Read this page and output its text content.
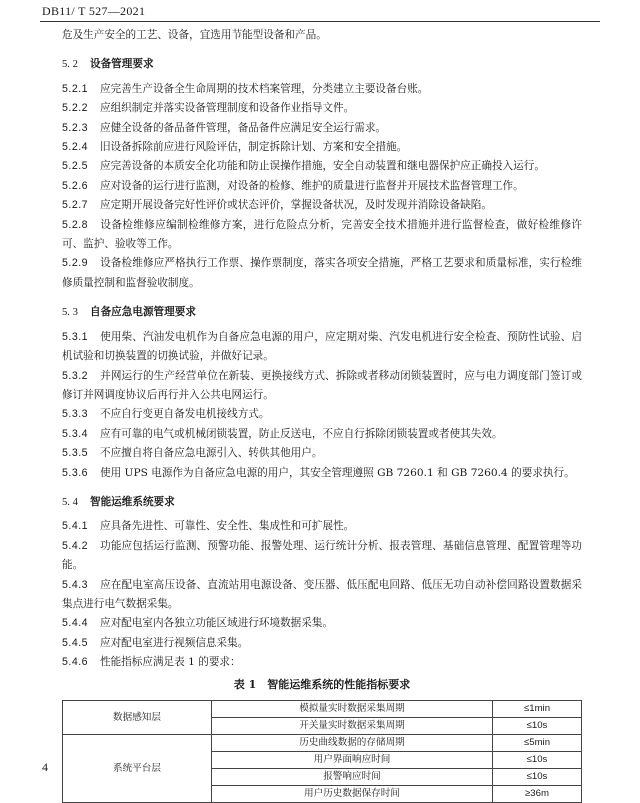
DB11/ T 527—2021

危及生产安全的工艺、设备，宜选用节能型设备和产品。

5. 2	设备管理要求

5.2.1 应完善生产设备全生命周期的技术档案管理，分类建立主要设备台账。

5.2.2 应组织制定并落实设备管理制度和设备作业指导文件。

5.2.3 应健全设备的备品备件管理，备品备件应满足安全运行需求。

5.2.4 旧设备拆除前应进行风险评估，制定拆除计划、方案和安全措施。

5.2.5 应完善设备的本质安全化功能和防止误操作措施，安全自动装置和继电器保护应正确投入运行。

5.2.6 应对设备的运行进行监测，对设备的检修、维护的质量进行监督并开展技术监督管理工作。

5.2.7 应定期开展设备完好性评价或状态评价，掌握设备状况，及时发现并消除设备缺陷。

5.2.8 设备检维修应编制检维修方案，进行危险点分析，完善安全技术措施并进行监督检查，做好检维修许可、监护、验收等工作。

5.2.9 设备检维修应严格执行工作票、操作票制度，落实各项安全措施，严格工艺要求和质量标准，实行检维修质量控制和监督验收制度。

5. 3	自备应急电源管理要求

5.3.1 使用柴、汽油发电机作为自备应急电源的用户，应定期对柴、汽发电机进行安全检查、预防性试验、启机试验和切换装置的切换试验，并做好记录。

5.3.2 并网运行的生产经营单位在新装、更换接线方式、拆除或者移动闭锁装置时，应与电力调度部门签订或修订并网调度协议后再行并入公共电网运行。

5.3.3 不应自行变更自备发电机接线方式。

5.3.4 应有可靠的电气或机械闭锁装置，防止反送电，不应自行拆除闭锁装置或者使其失效。

5.3.5 不应擅自将自备应急电源引入、转供其他用户。

5.3.6 使用 UPS 电源作为自备应急电源的用户，其安全管理遵照 GB 7260.1 和 GB 7260.4 的要求执行。

5. 4	智能运维系统要求

5.4.1 应具备先进性、可靠性、安全性、集成性和可扩展性。

5.4.2 功能应包括运行监测、预警功能、报警处理、运行统计分析、报表管理、基础信息管理、配置管理等功能。

5.4.3 应在配电室高压设备、直流站用电源设备、变压器、低压配电回路、低压无功自动补偿回路设置数据采集点进行电气数据采集。

5.4.4 应对配电室内各独立功能区域进行环境数据采集。

5.4.5 应对配电室进行视频信息采集。

5.4.6 性能指标应满足表 1 的要求：

表 1　智能运维系统的性能指标要求
数据感知层	模拟量实时数据采集周期	≤1min
	开关量实时数据采集周期	≤10s
系统平台层	历史曲线数据的存储周期	≤5min
	用户界面响应时间	≤10s
	报警响应时间	≤10s
	用户历史数据保存时间	≥36m
4
